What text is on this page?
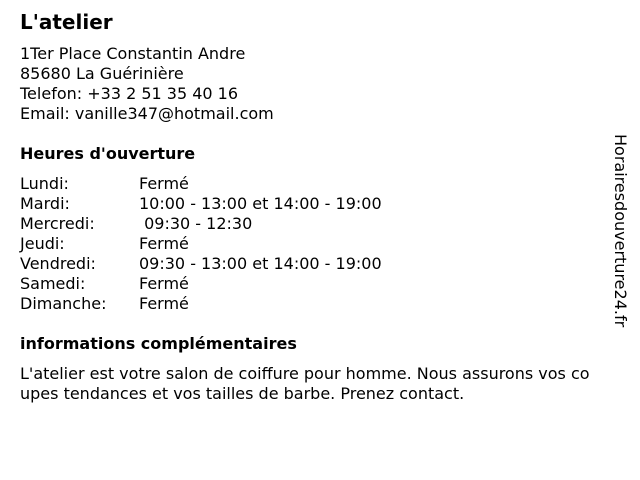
L'atelier
1Ter Place Constantin Andre
85680 La Guérinière
Telefon: +33 2 51 35 40 16
Email: vanille347@hotmail.com
Heures d'ouverture
Lundi:	Fermé
Mardi:	10:00 - 13:00 et 14:00 - 19:00
Mercredi:	09:30 - 12:30
Jeudi:	Fermé
Vendredi:	09:30 - 13:00 et 14:00 - 19:00
Samedi:	Fermé
Dimanche: Fermé
informations complémentaires
L'atelier est votre salon de coiffure pour homme. Nous assurons vos coupes tendances et vos tailles de barbe. Prenez contact.
Horairesdouverture24.fr
